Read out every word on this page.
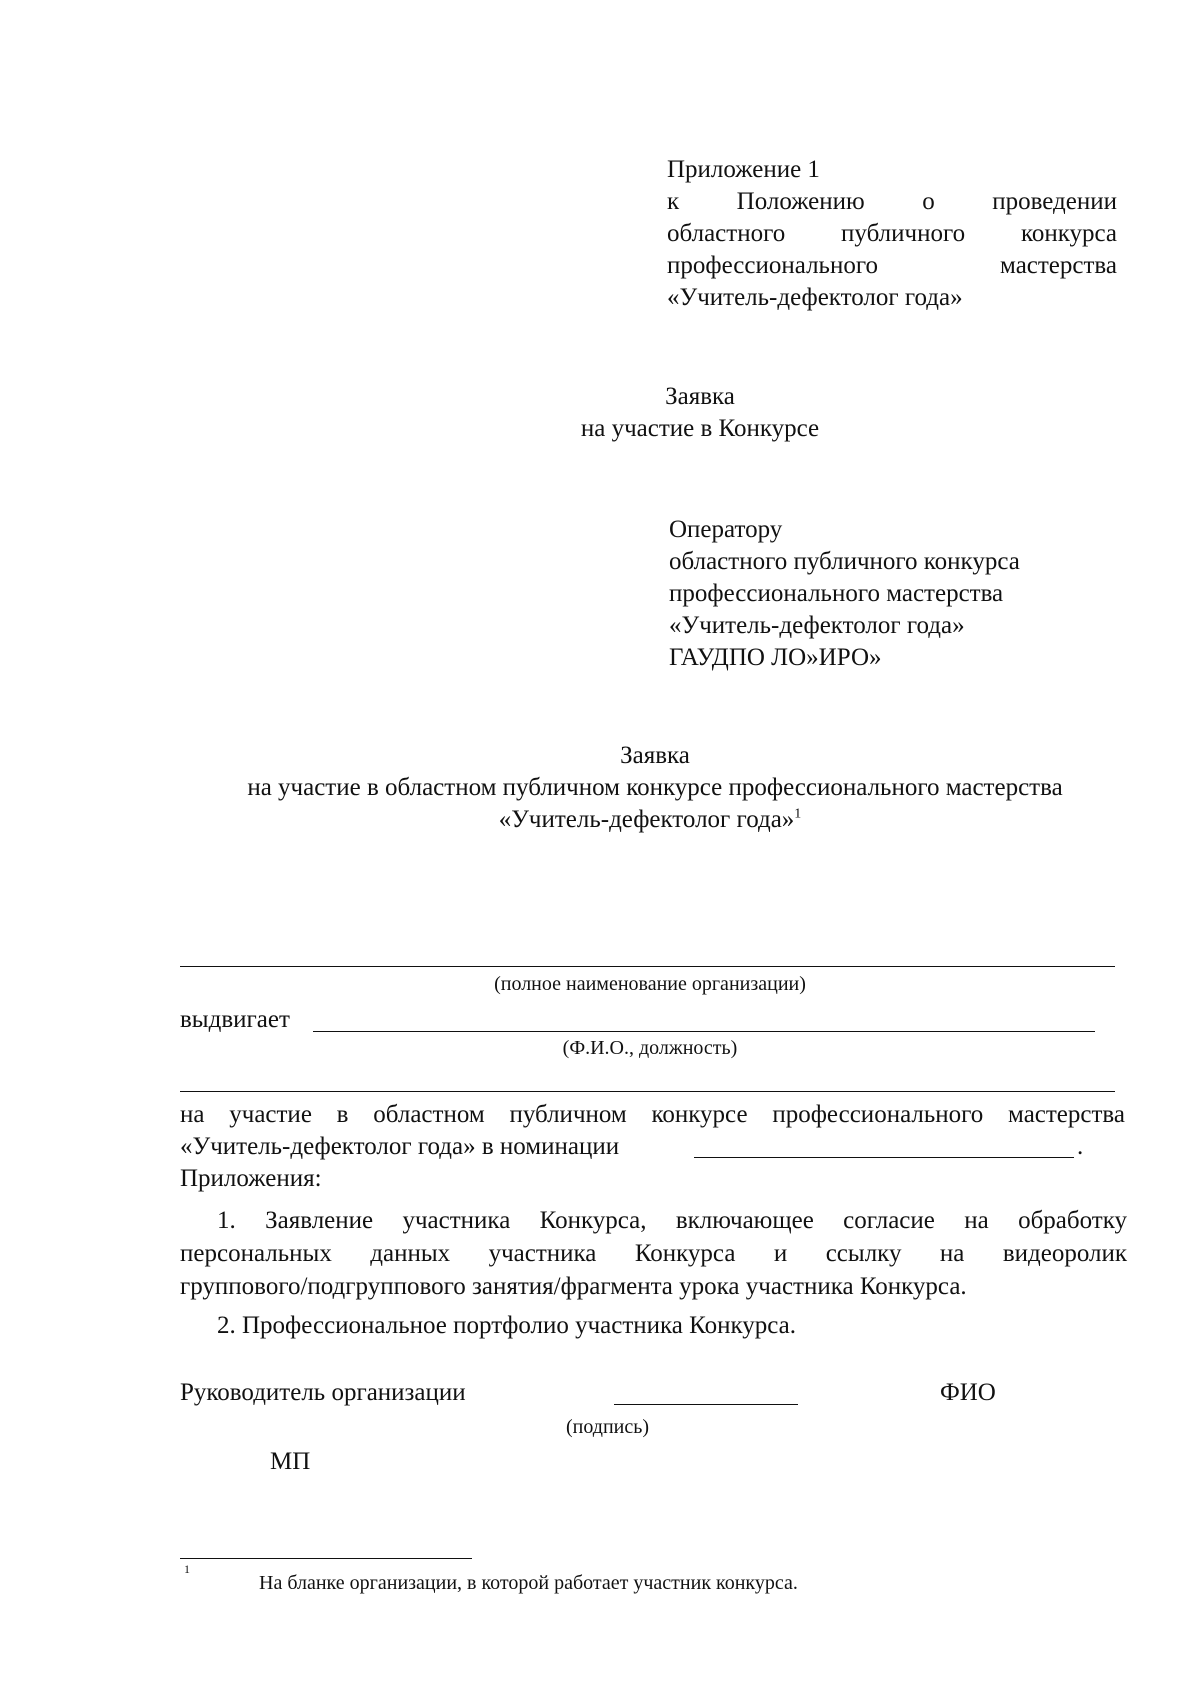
Приложение 1
к Положению о проведении
областного публичного конкурса
профессионального мастерства
«Учитель-дефектолог года»
Заявка
на участие в Конкурсе
Оператору
областного публичного конкурса
профессионального мастерства
«Учитель-дефектолог года»
ГАУДПО ЛО»ИРО»
Заявка
на участие в областном публичном конкурсе профессионального мастерства
«Учитель-дефектолог года»$^1$
(полное наименование организации)
выдвигает
(Ф.И.О., должность)
на участие в областном публичном конкурсе профессионального мастерства
«Учитель-дефектолог года» в номинации	.
Приложения:
1. Заявление участника Конкурса, включающее согласие на обработку
персональных данных участника Конкурса и ссылку на видеоролик
группового/подгруппового занятия/фрагмента урока участника Конкурса.
2. Профессиональное портфолио участника Конкурса.
Руководитель организации	ФИО
(подпись)
МП
1
На бланке организации, в которой работает участник конкурса.
